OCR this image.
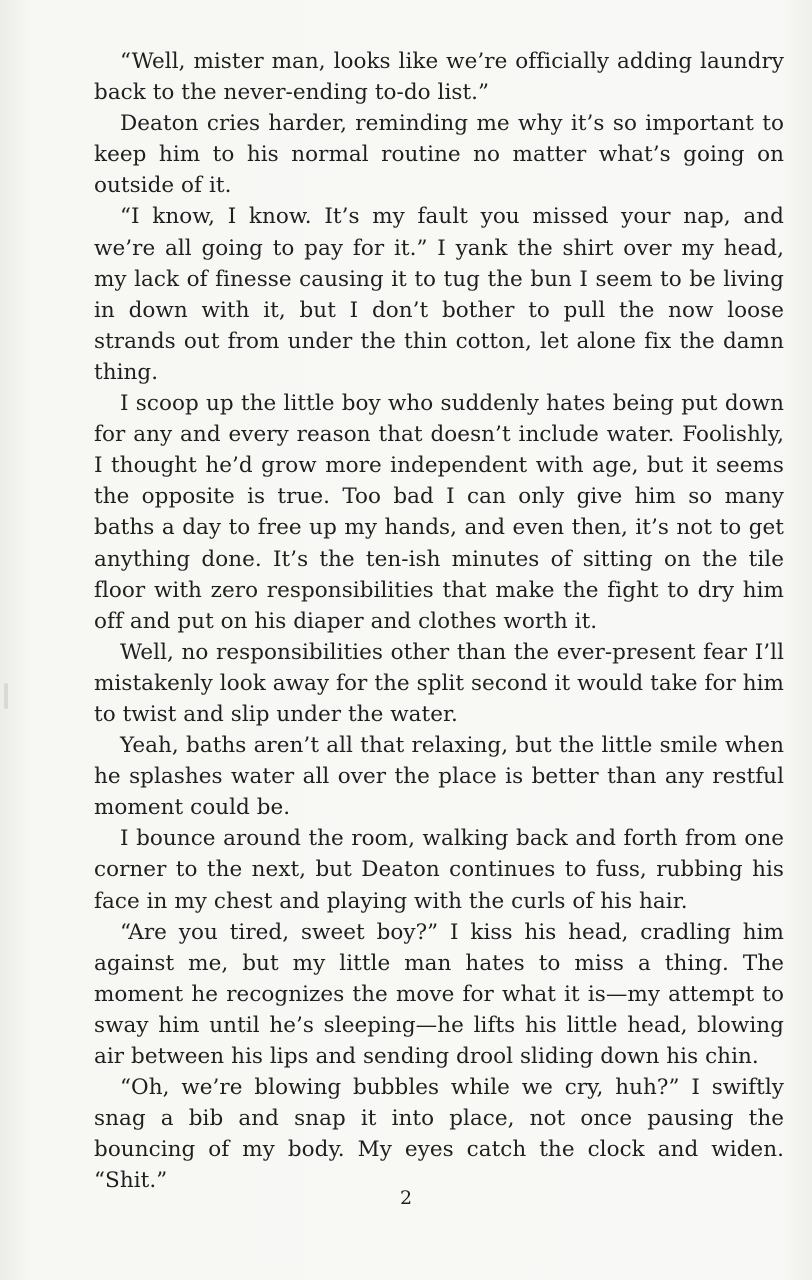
“Well, mister man, looks like we’re officially adding laundry back to the never-ending to-do list.”

Deaton cries harder, reminding me why it’s so important to keep him to his normal routine no matter what’s going on outside of it.

“I know, I know. It’s my fault you missed your nap, and we’re all going to pay for it.” I yank the shirt over my head, my lack of finesse causing it to tug the bun I seem to be living in down with it, but I don’t bother to pull the now loose strands out from under the thin cotton, let alone fix the damn thing.

I scoop up the little boy who suddenly hates being put down for any and every reason that doesn’t include water. Foolishly, I thought he’d grow more independent with age, but it seems the opposite is true. Too bad I can only give him so many baths a day to free up my hands, and even then, it’s not to get anything done. It’s the ten-ish minutes of sitting on the tile floor with zero responsibilities that make the fight to dry him off and put on his diaper and clothes worth it.

Well, no responsibilities other than the ever-present fear I’ll mistakenly look away for the split second it would take for him to twist and slip under the water.

Yeah, baths aren’t all that relaxing, but the little smile when he splashes water all over the place is better than any restful moment could be.

I bounce around the room, walking back and forth from one corner to the next, but Deaton continues to fuss, rubbing his face in my chest and playing with the curls of his hair.

“Are you tired, sweet boy?” I kiss his head, cradling him against me, but my little man hates to miss a thing. The moment he recognizes the move for what it is—my attempt to sway him until he’s sleeping—he lifts his little head, blowing air between his lips and sending drool sliding down his chin.

“Oh, we’re blowing bubbles while we cry, huh?” I swiftly snag a bib and snap it into place, not once pausing the bouncing of my body. My eyes catch the clock and widen. “Shit.”

2
